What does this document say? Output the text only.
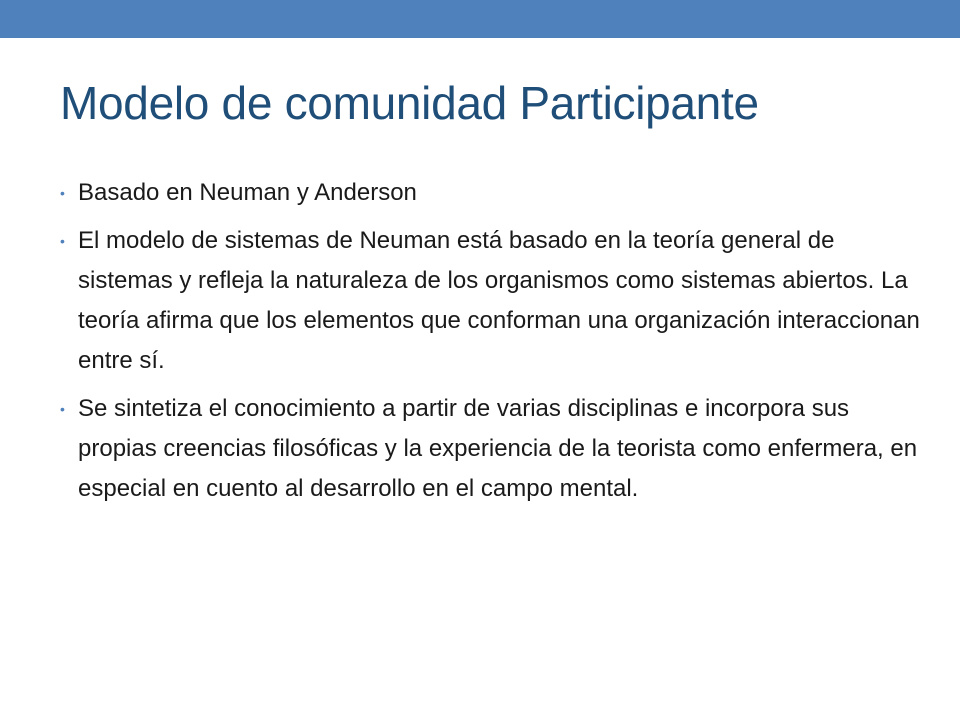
Modelo de comunidad Participante
• Basado en Neuman y Anderson
• El modelo de sistemas de Neuman está basado en la teoría general de sistemas y refleja la naturaleza de los organismos como sistemas abiertos. La teoría afirma que los elementos que conforman una organización interaccionan entre sí.
• Se sintetiza el conocimiento a partir de varias disciplinas e incorpora sus propias creencias filosóficas y la experiencia de la teorista como enfermera, en especial en cuento al desarrollo en el campo mental.
